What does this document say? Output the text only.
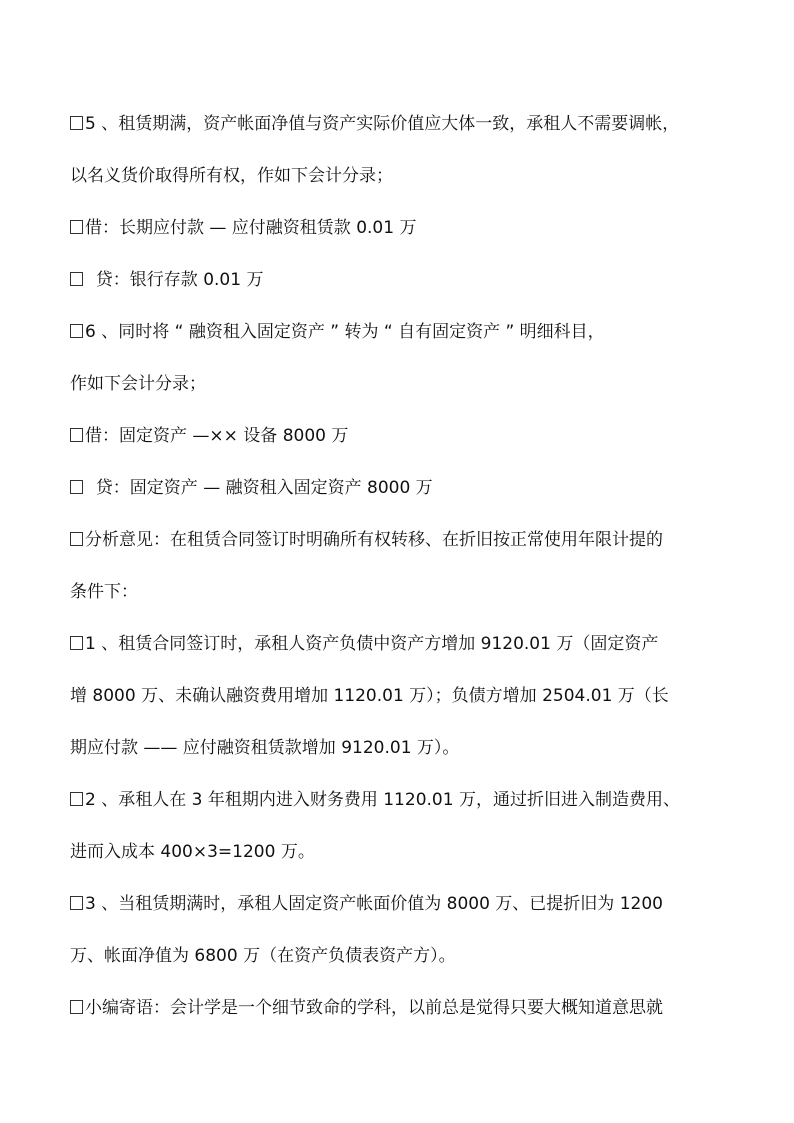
5 、租赁期满，资产帐面净值与资产实际价值应大体一致，承租人不需要调帐，
以名义货价取得所有权，作如下会计分录；
借：长期应付款 — 应付融资租赁款 0.01 万
贷：银行存款 0.01 万
6 、同时将 “ 融资租入固定资产 ” 转为 “ 自有固定资产 ” 明细科目，
作如下会计分录；
借：固定资产 —×× 设备 8000 万
贷：固定资产 — 融资租入固定资产 8000 万
分析意见：在租赁合同签订时明确所有权转移、在折旧按正常使用年限计提的
条件下：
1 、租赁合同签订时，承租人资产负债中资产方增加 9120.01 万（固定资产
增 8000 万、未确认融资费用增加 1120.01 万）；负债方增加 2504.01 万（长
期应付款 —— 应付融资租赁款增加 9120.01 万）。
2 、承租人在 3 年租期内进入财务费用 1120.01 万，通过折旧进入制造费用、
进而入成本 400×3=1200 万。
3 、当租赁期满时，承租人固定资产帐面价值为 8000 万、已提折旧为 1200
万、帐面净值为 6800 万（在资产负债表资产方）。
小编寄语：会计学是一个细节致命的学科，以前总是觉得只要大概知道意思就
